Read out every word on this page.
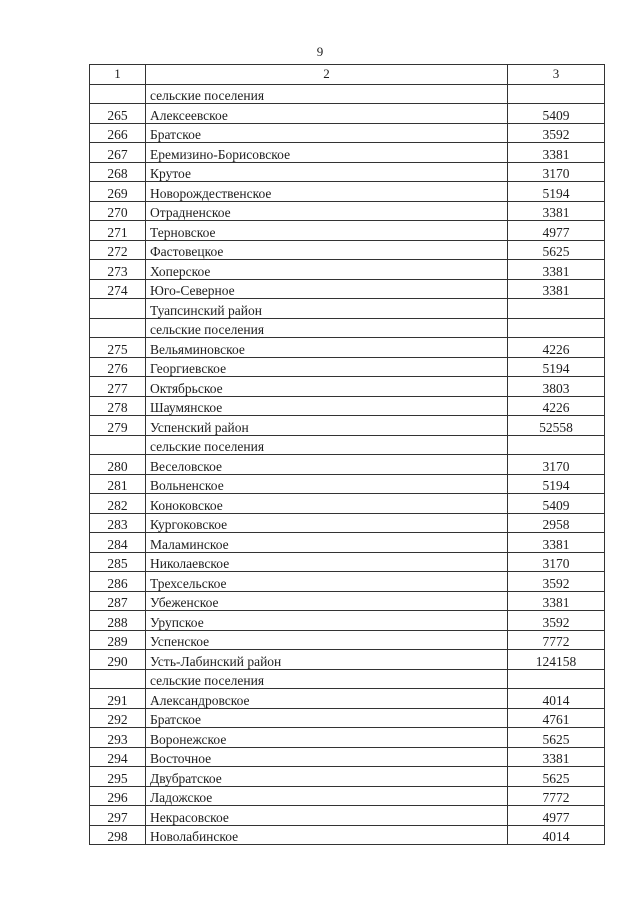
9
1	2	3
	сельские поселения	
265	Алексеевское	5409
266	Братское	3592
267	Еремизино-Борисовское	3381
268	Крутое	3170
269	Новорождественское	5194
270	Отрадненское	3381
271	Терновское	4977
272	Фастовецкое	5625
273	Хоперское	3381
274	Юго-Северное	3381
	Туапсинский район	
	сельские поселения	
275	Вельяминовское	4226
276	Георгиевское	5194
277	Октябрьское	3803
278	Шаумянское	4226
279	Успенский район	52558
	сельские поселения	
280	Веселовское	3170
281	Вольненское	5194
282	Коноковское	5409
283	Кургоковское	2958
284	Маламинское	3381
285	Николаевское	3170
286	Трехсельское	3592
287	Убеженское	3381
288	Урупское	3592
289	Успенское	7772
290	Усть-Лабинский район	124158
	сельские поселения	
291	Александровское	4014
292	Братское	4761
293	Воронежское	5625
294	Восточное	3381
295	Двубратское	5625
296	Ладожское	7772
297	Некрасовское	4977
298	Новолабинское	4014
